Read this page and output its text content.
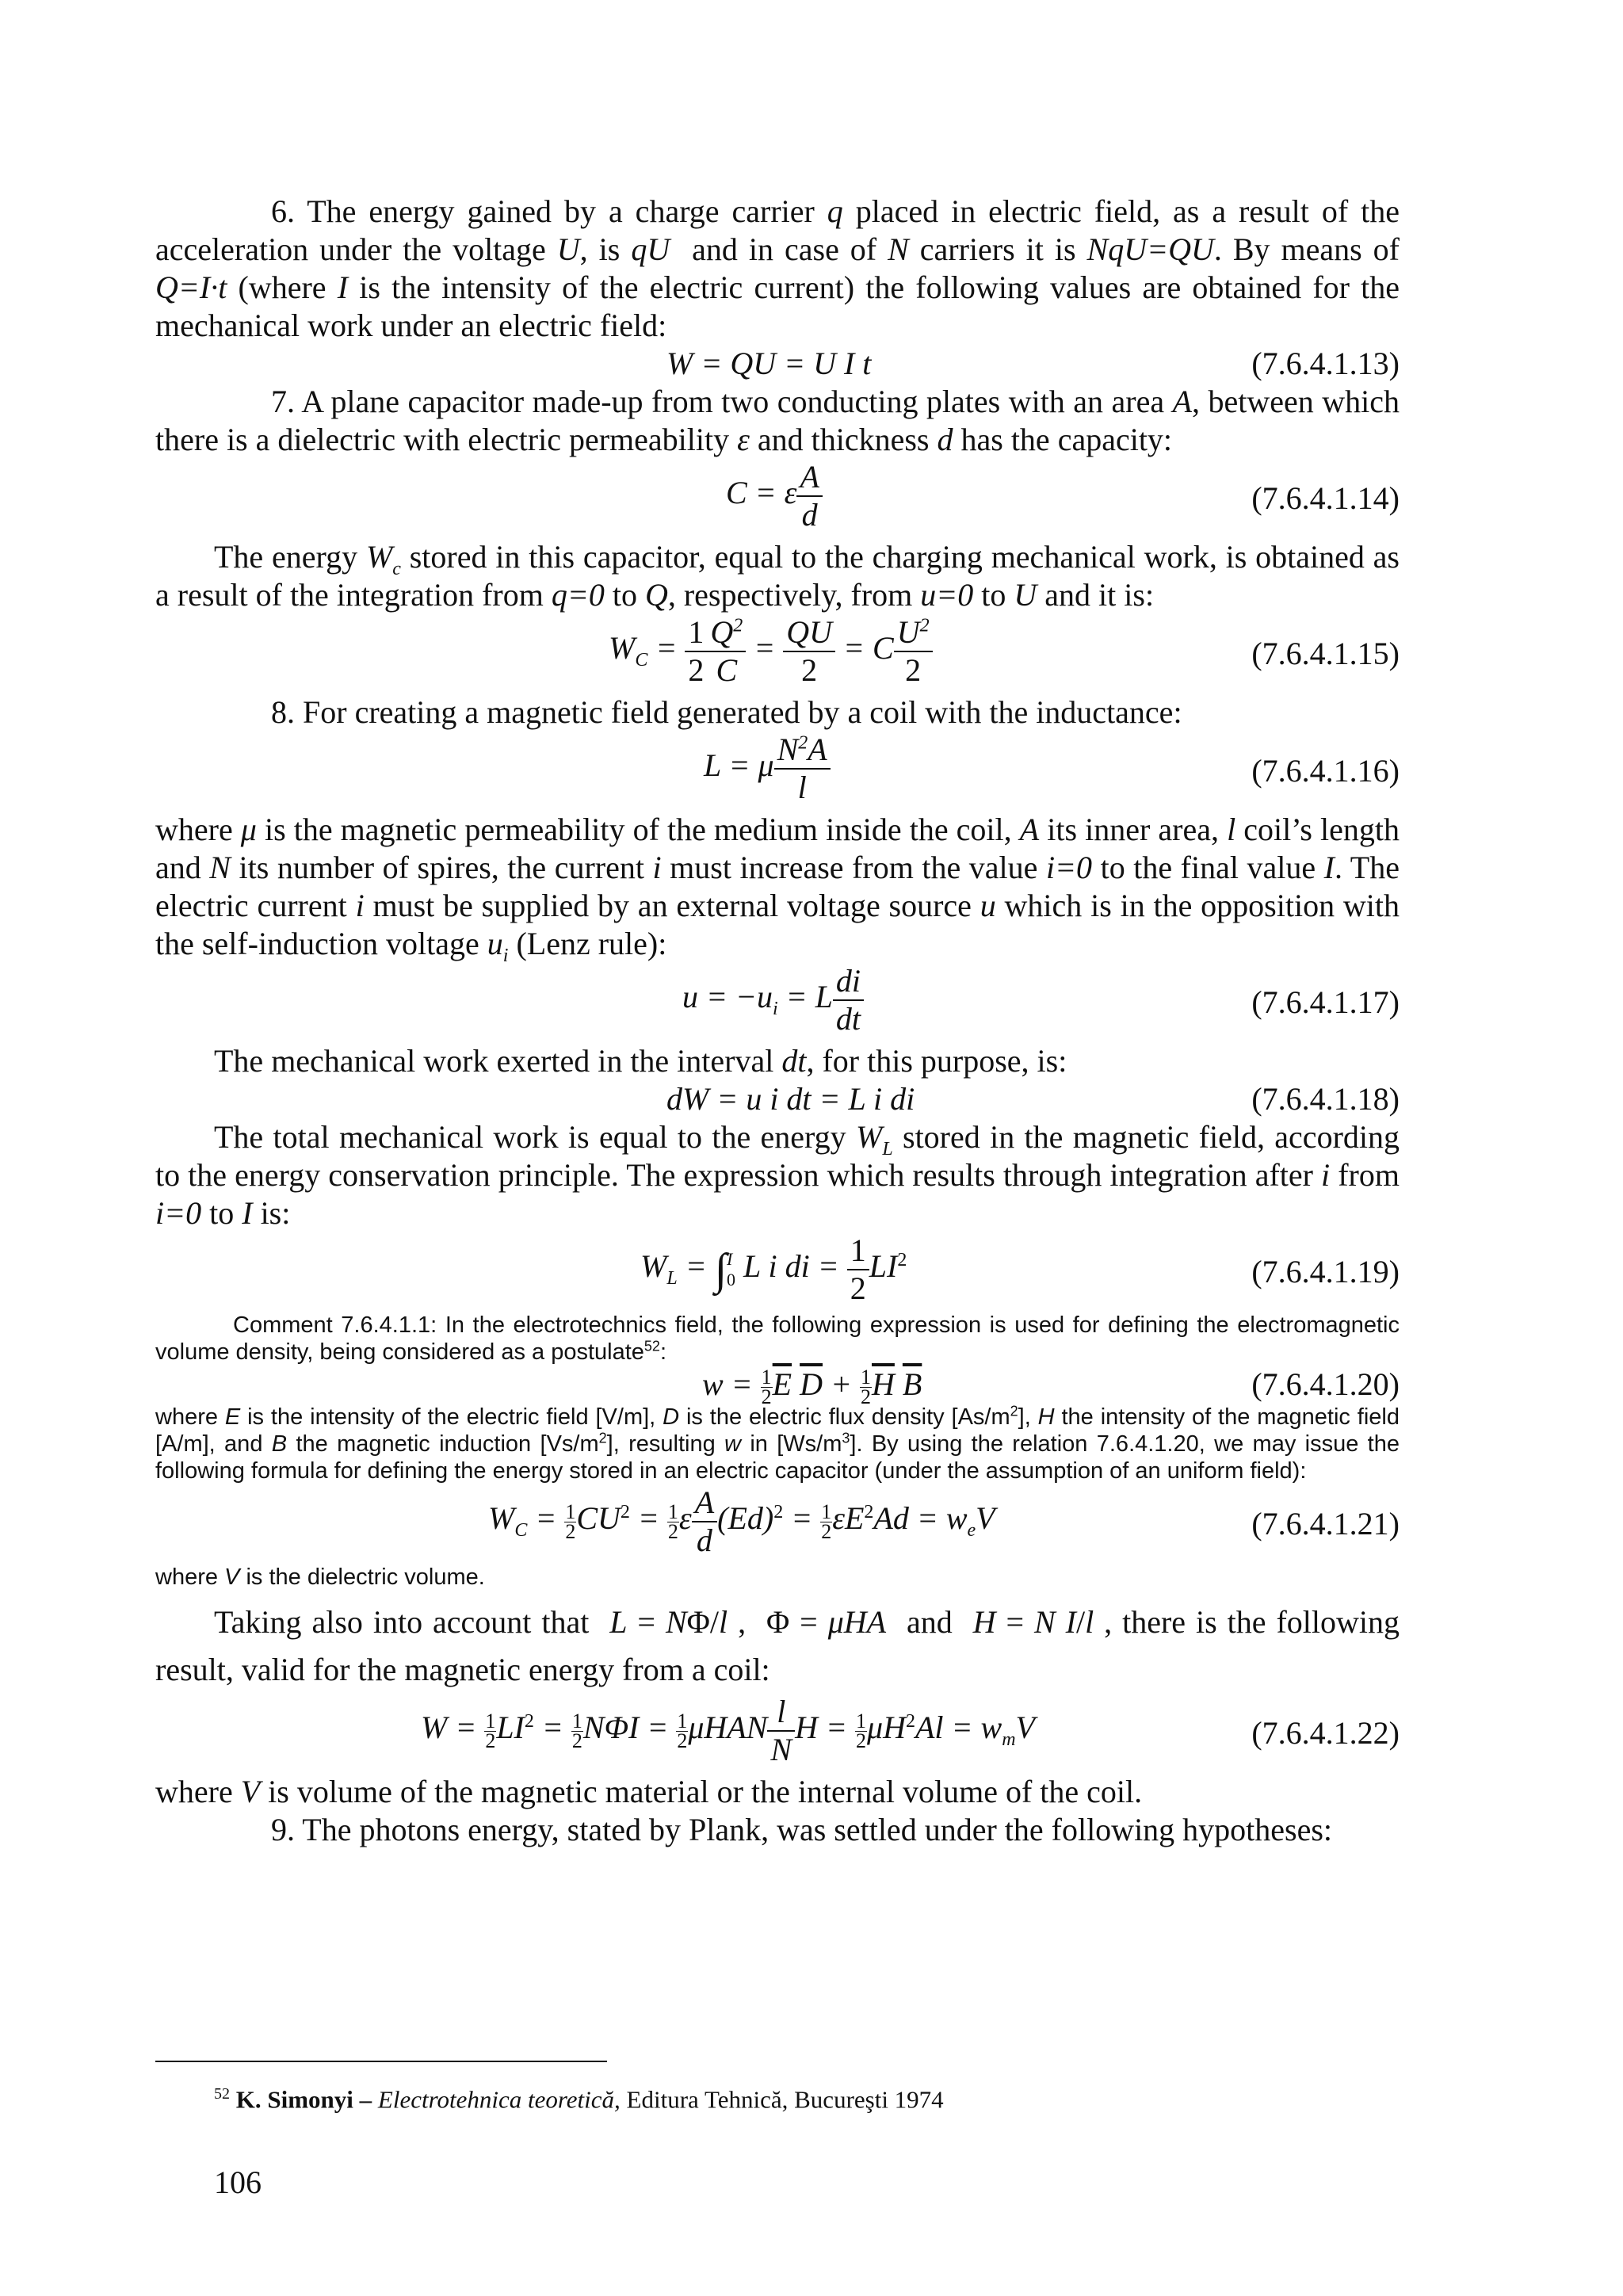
6. The energy gained by a charge carrier q placed in electric field, as a result of the acceleration under the voltage U, is qU  and in case of N carriers it is NqU=QU. By means of Q=I·t (where I is the intensity of the electric current) the following values are obtained for the mechanical work under an electric field:

W = QU = U I t	(7.6.4.1.13)

7. A plane capacitor made-up from two conducting plates with an area A, between which there is a dielectric with electric permeability ε and thickness d has the capacity:

C = ε $\frac{A}{d}$	(7.6.4.1.14)

The energy $W_c$ stored in this capacitor, equal to the charging mechanical work, is obtained as a result of the integration from q=0 to Q, respectively, from u=0 to U and it is:

$W_C = \frac{1}{2} \frac{Q^2}{C} = \frac{QU}{2} = C \frac{U^2}{2}$	(7.6.4.1.15)

8. For creating a magnetic field generated by a coil with the inductance:

L = μ $\frac{N^2A}{l}$	(7.6.4.1.16)

where μ is the magnetic permeability of the medium inside the coil, A its inner area, l coil’s length and N its number of spires, the current i must increase from the value i=0 to the final value I. The electric current i must be supplied by an external voltage source u which is in the opposition with the self-induction voltage $u_i$ (Lenz rule):

$u = -u_i = L \frac{di}{dt}$	(7.6.4.1.17)

The mechanical work exerted in the interval dt, for this purpose, is:

dW = u i dt = L i di	(7.6.4.1.18)

The total mechanical work is equal to the energy $W_L$ stored in the magnetic field, according to the energy conservation principle. The expression which results through integration after i from i=0 to I is:

$W_L$ = ∫ I
0 L i di = $\frac{1}{2} LI^2$	(7.6.4.1.19)

Comment 7.6.4.1.1: In the electrotechnics field, the following expression is used for defining the electromagnetic volume density, being considered as a postulate$^{52}$:

$w = \frac{1}{2} \overline{E}$ $\overline{D} + \frac{1}{2} \overline{H}$ $\overline{B}$	(7.6.4.1.20)

where E is the intensity of the electric field [V/m], D is the electric flux density $[As/m^2]$, H the intensity of the magnetic field [A/m], and B the magnetic induction $[Vs/m^2]$, resulting w in $[Ws/m^3]$. By using the relation 7.6.4.1.20, we may issue the following formula for defining the energy stored in an electric capacitor (under the assumption of an uniform field):

$W_C = \frac{1}{2} CU^2 = \frac{1}{2}$ ε $\frac{A}{d} (Ed)^2 = \frac{1}{2} \varepsilon E^2Ad = w_eV$	(7.6.4.1.21)

where V is the dielectric volume.

Taking also into account that  L = NΦ/l ,  Φ = μHA  and  H = N I/l , there is the following result, valid for the magnetic energy from a coil:

$W = \frac{1}{2} LI^2 = \frac{1}{2}$ $N\Phi I = \frac{1}{2}$ μHAN $\frac{l}{N}$ $H = \frac{1}{2} \mu H^2Al = w_mV$	(7.6.4.1.22)

where V is volume of the magnetic material or the internal volume of the coil.

9. The photons energy, stated by Plank, was settled under the following hypotheses:

$^{52}$ K. Simonyi – Electrotehnica teoretică, Editura Tehnică, Bucureşti 1974
106
